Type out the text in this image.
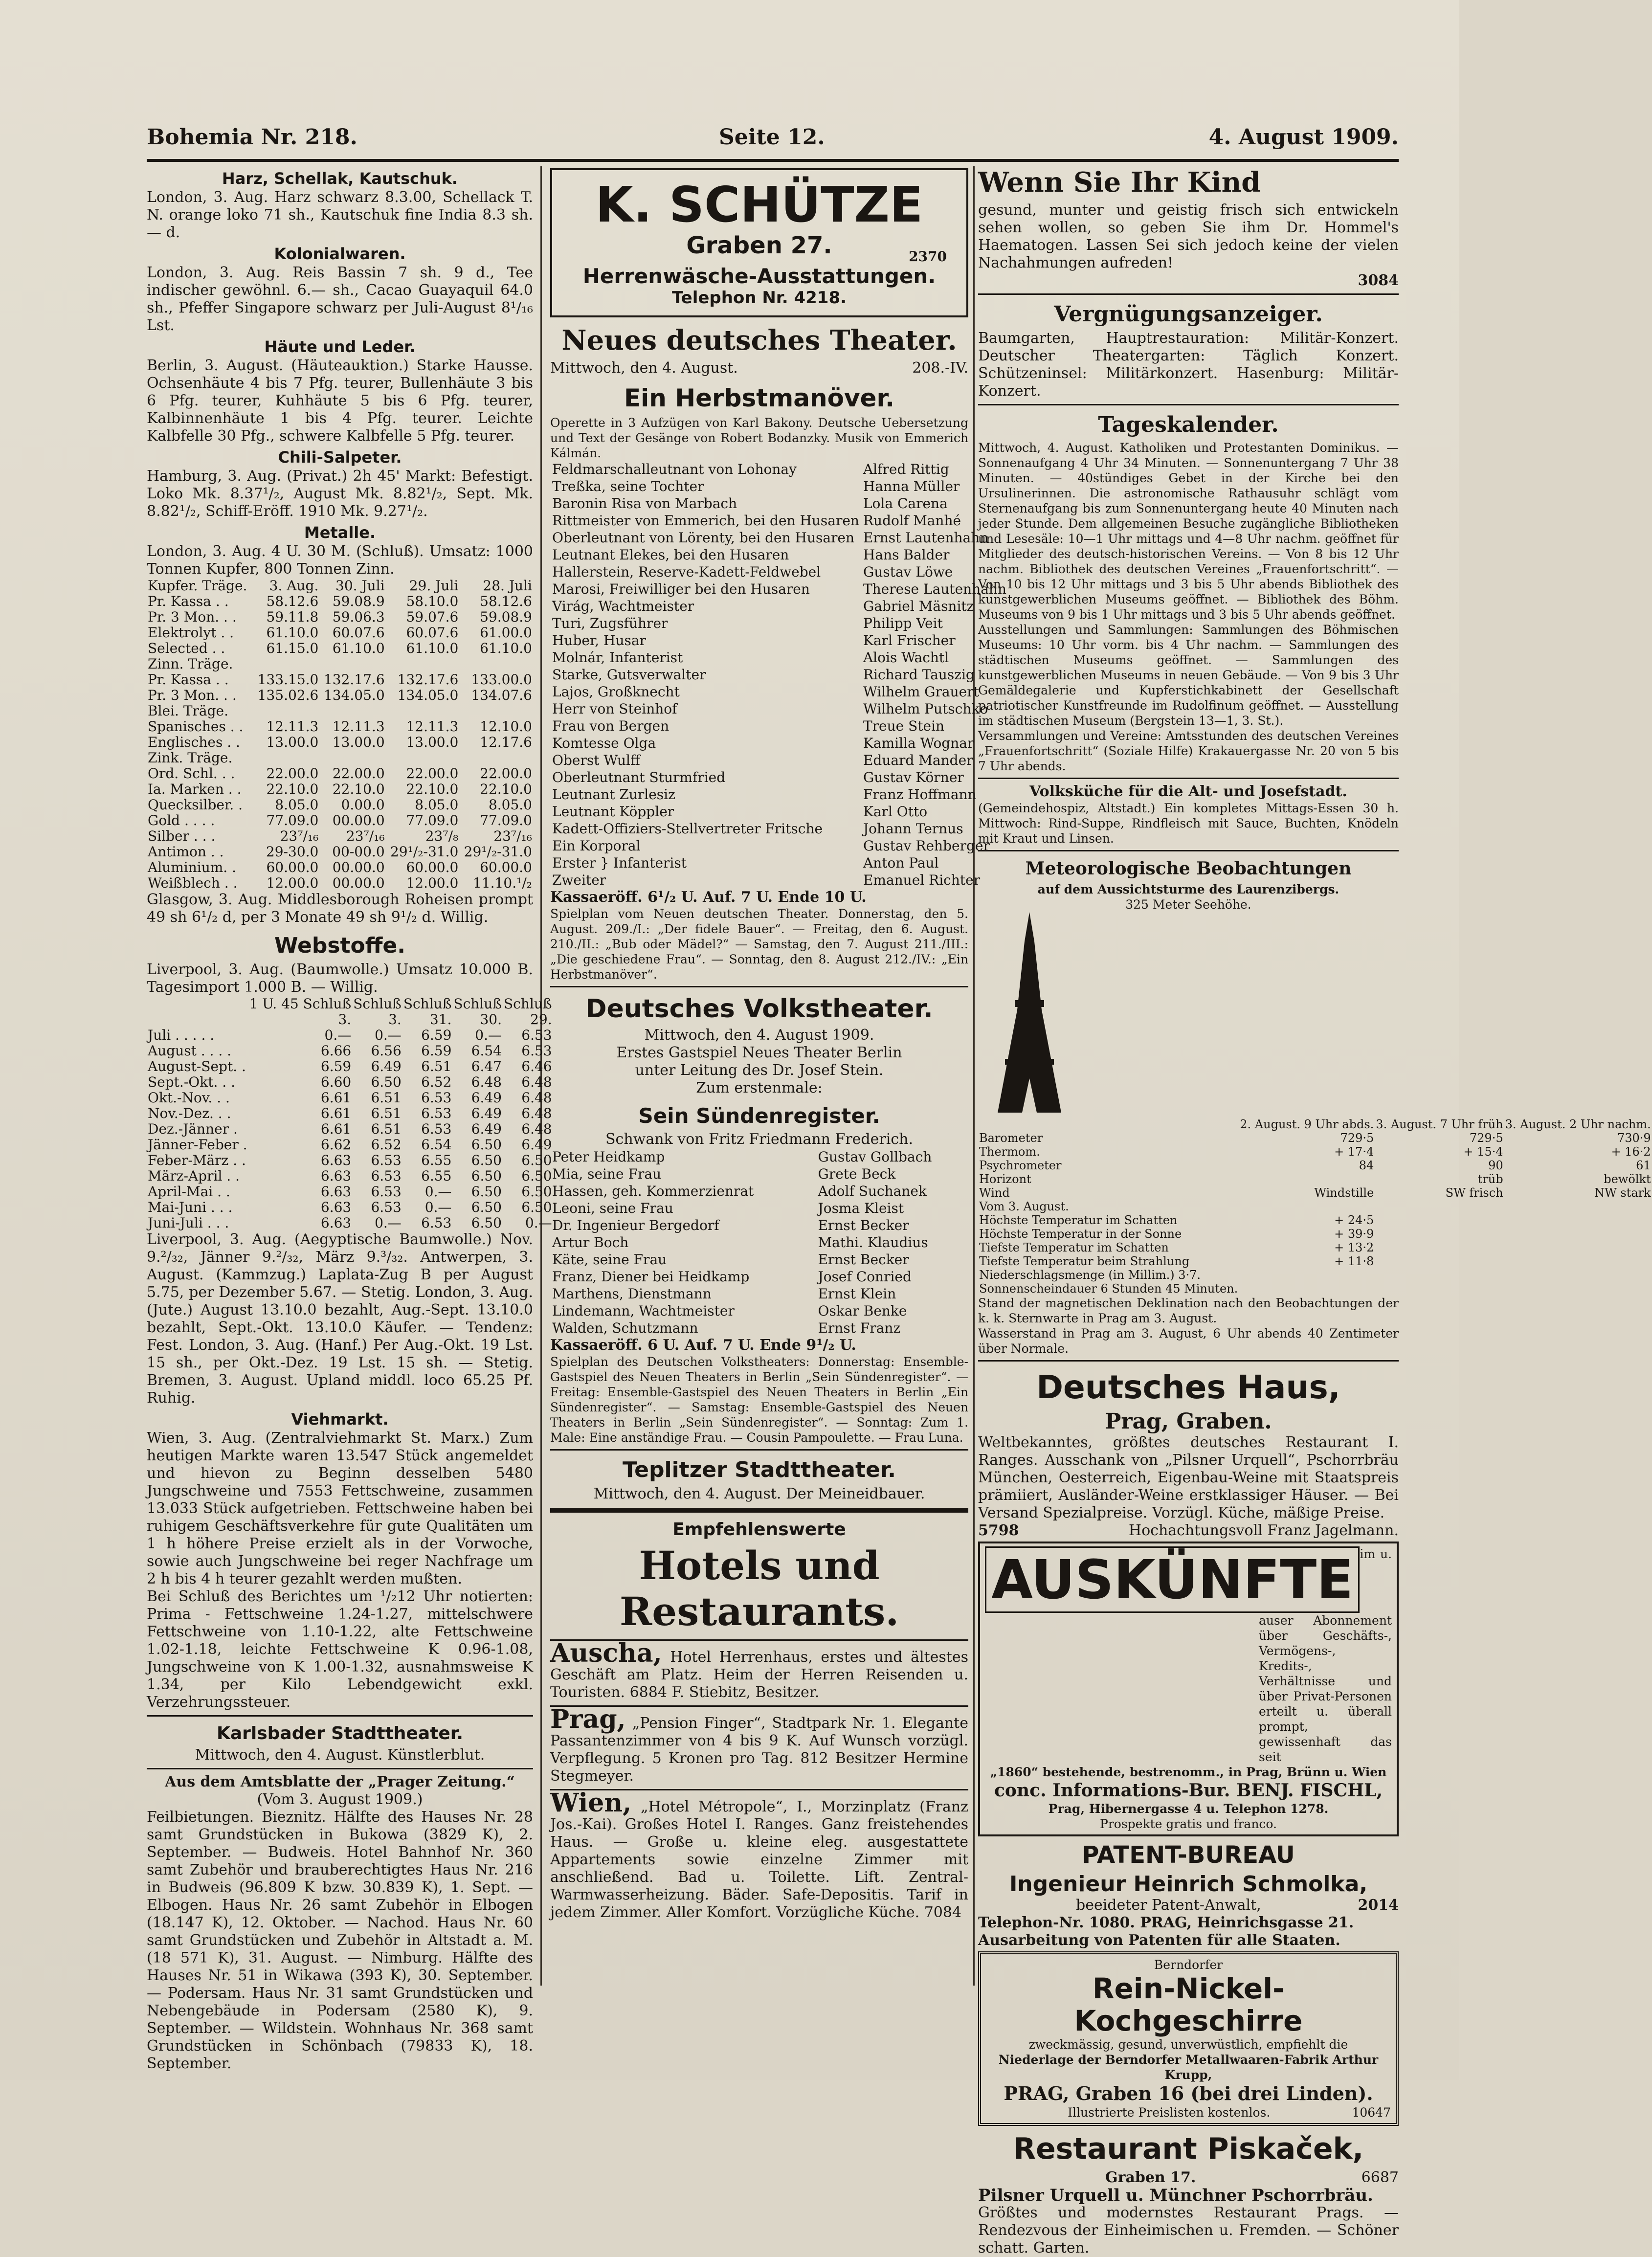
Bohemia Nr. 218.	Seite 12.	4. August 1909.
Harz, Schellak, Kautschuk.

London, 3. Aug. Harz schwarz 8.3.00, Schellack T. N. orange loko 71 sh., Kautschuk fine India 8.3 sh. — d.

Kolonialwaren.

London, 3. Aug. Reis Bassin 7 sh. 9 d., Tee indischer gewöhnl. 6.— sh., Cacao Guayaquil 64.0 sh., Pfeffer Singapore schwarz per Juli-August 8¹/₁₆ Lst.

Häute und Leder.

Berlin, 3. August. (Häuteauktion.) Starke Hausse. Ochsenhäute 4 bis 7 Pfg. teurer, Bullenhäute 3 bis 6 Pfg. teurer, Kuhhäute 5 bis 6 Pfg. teurer, Kalbinnenhäute 1 bis 4 Pfg. teurer. Leichte Kalbfelle 30 Pfg., schwere Kalbfelle 5 Pfg. teurer.

Chili-Salpeter.

Hamburg, 3. Aug. (Privat.) 2h 45' Markt: Befestigt. Loko Mk. 8.37¹/₂, August Mk. 8.82¹/₂, Sept. Mk. 8.82¹/₂, Schiff-Eröff. 1910 Mk. 9.27¹/₂.

Metalle.

London, 3. Aug. 4 U. 30 M. (Schluß). Umsatz: 1000 Tonnen Kupfer, 800 Tonnen Zinn.

Kupfer. Träge.	3. Aug.	30. Juli	29. Juli	28. Juli
Pr. Kassa . .	58.12.6	59.08.9	58.10.0	58.12.6
Pr. 3 Mon. . .	59.11.8	59.06.3	59.07.6	59.08.9
Elektrolyt . .	61.10.0	60.07.6	60.07.6	61.00.0
Selected . .	61.15.0	61.10.0	61.10.0	61.10.0
Zinn. Träge.				
Pr. Kassa . .	133.15.0	132.17.6	132.17.6	133.00.0
Pr. 3 Mon. . .	135.02.6	134.05.0	134.05.0	134.07.6
Blei. Träge.				
Spanisches . .	12.11.3	12.11.3	12.11.3	12.10.0
Englisches . .	13.00.0	13.00.0	13.00.0	12.17.6
Zink. Träge.				
Ord. Schl. . .	22.00.0	22.00.0	22.00.0	22.00.0
Ia. Marken . .	22.10.0	22.10.0	22.10.0	22.10.0
Quecksilber. .	8.05.0	0.00.0	8.05.0	8.05.0
Gold . . . .	77.09.0	00.00.0	77.09.0	77.09.0
Silber . . .	23⁷/₁₆	23⁷/₁₆	23⁷/₈	23⁷/₁₆
Antimon . .	29-30.0	00-00.0	29¹/₂-31.0	29¹/₂-31.0
Aluminium. .	60.00.0	00.00.0	60.00.0	60.00.0
Weißblech . .	12.00.0	00.00.0	12.00.0	11.10.¹/₂

Glasgow, 3. Aug. Middlesborough Roheisen prompt 49 sh 6¹/₂ d, per 3 Monate 49 sh 9¹/₂ d. Willig.

Webstoffe.

Liverpool, 3. Aug. (Baumwolle.) Umsatz 10.000 B. Tagesimport 1.000 B. — Willig.

	1 U. 45 Schluß	Schluß	Schluß	Schluß	Schluß
	3.	3.	31.	30.	29.
Juli . . . . .	0.—	0.—	6.59	0.—	6.53
August . . . .	6.66	6.56	6.59	6.54	6.53
August-Sept. .	6.59	6.49	6.51	6.47	6.46
Sept.-Okt. . .	6.60	6.50	6.52	6.48	6.48
Okt.-Nov. . .	6.61	6.51	6.53	6.49	6.48
Nov.-Dez. . .	6.61	6.51	6.53	6.49	6.48
Dez.-Jänner .	6.61	6.51	6.53	6.49	6.48
Jänner-Feber .	6.62	6.52	6.54	6.50	6.49
Feber-März . .	6.63	6.53	6.55	6.50	6.50
März-April . .	6.63	6.53	6.55	6.50	6.50
April-Mai . .	6.63	6.53	0.—	6.50	6.50
Mai-Juni . . .	6.63	6.53	0.—	6.50	6.50
Juni-Juli . . .	6.63	0.—	6.53	6.50	0.—

Liverpool, 3. Aug. (Aegyptische Baumwolle.) Nov. 9.²/₃₂, Jänner 9.²/₃₂, März 9.³/₃₂. Antwerpen, 3. August. (Kammzug.) Laplata-Zug B per August 5.75, per Dezember 5.67. — Stetig. London, 3. Aug. (Jute.) August 13.10.0 bezahlt, Aug.-Sept. 13.10.0 bezahlt, Sept.-Okt. 13.10.0 Käufer. — Tendenz: Fest. London, 3. Aug. (Hanf.) Per Aug.-Okt. 19 Lst. 15 sh., per Okt.-Dez. 19 Lst. 15 sh. — Stetig. Bremen, 3. August. Upland middl. loco 65.25 Pf. Ruhig.

Viehmarkt.

Wien, 3. Aug. (Zentralviehmarkt St. Marx.) Zum heutigen Markte waren 13.547 Stück angemeldet und hievon zu Beginn desselben 5480 Jungschweine und 7553 Fettschweine, zusammen 13.033 Stück aufgetrieben. Fettschweine haben bei ruhigem Geschäftsverkehre für gute Qualitäten um 1 h höhere Preise erzielt als in der Vorwoche, sowie auch Jungschweine bei reger Nachfrage um 2 h bis 4 h teurer gezahlt werden mußten.

Bei Schluß des Berichtes um ¹/₂12 Uhr notierten: Prima - Fettschweine 1.24-1.27, mittelschwere Fettschweine von 1.10-1.22, alte Fettschweine 1.02-1.18, leichte Fettschweine K 0.96-1.08, Jungschweine von K 1.00-1.32, ausnahmsweise K 1.34, per Kilo Lebendgewicht exkl. Verzehrungssteuer.

Karlsbader Stadttheater.

Mittwoch, den 4. August. Künstlerblut.

Aus dem Amtsblatte der „Prager Zeitung.“

(Vom 3. August 1909.)

Feilbietungen. Bieznitz. Hälfte des Hauses Nr. 28 samt Grundstücken in Bukowa (3829 K), 2. September. — Budweis. Hotel Bahnhof Nr. 360 samt Zubehör und brauberechtigtes Haus Nr. 216 in Budweis (96.809 K bzw. 30.839 K), 1. Sept. — Elbogen. Haus Nr. 26 samt Zubehör in Elbogen (18.147 K), 12. Oktober. — Nachod. Haus Nr. 60 samt Grundstücken und Zubehör in Altstadt a. M. (18 571 K), 31. August. — Nimburg. Hälfte des Hauses Nr. 51 in Wikawa (393 K), 30. September. — Podersam. Haus Nr. 31 samt Grundstücken und Nebengebäude in Podersam (2580 K), 9. September. — Wildstein. Wohnhaus Nr. 368 samt Grundstücken in Schönbach (79833 K), 18. September.

K. SCHÜTZE
Graben 27.	2370
Herrenwäsche-Ausstattungen.
Telephon Nr. 4218.
Neues deutsches Theater.

Mittwoch, den 4. August.	208.-IV.

Ein Herbstmanöver.

Operette in 3 Aufzügen von Karl Bakony. Deutsche Uebersetzung und Text der Gesänge von Robert Bodanzky. Musik von Emmerich Kálmán.

Feldmarschalleutnant von Lohonay	Alfred Rittig
Treßka, seine Tochter	Hanna Müller
Baronin Risa von Marbach	Lola Carena
Rittmeister von Emmerich, bei den Husaren	Rudolf Manhé
Oberleutnant von Lörenty, bei den Husaren	Ernst Lautenhahn
Leutnant Elekes, bei den Husaren	Hans Balder
Hallerstein, Reserve-Kadett-Feldwebel	Gustav Löwe
Marosi, Freiwilliger bei den Husaren	Therese Lautenhahn
Virág, Wachtmeister	Gabriel Mäsnitz
Turi, Zugsführer	Philipp Veit
Huber, Husar	Karl Frischer
Molnár, Infanterist	Alois Wachtl
Starke, Gutsverwalter	Richard Tauszig
Lajos, Großknecht	Wilhelm Grauert
Herr von Steinhof	Wilhelm Putschko
Frau von Bergen	Treue Stein
Komtesse Olga	Kamilla Wognar
Oberst Wulff	Eduard Mander
Oberleutnant Sturmfried	Gustav Körner
Leutnant Zurlesiz	Franz Hoffmann
Leutnant Köppler	Karl Otto
Kadett-Offiziers-Stellvertreter Fritsche	Johann Ternus
Ein Korporal	Gustav Rehberger
Erster } Infanterist	Anton Paul
Zweiter	Emanuel Richter

Kassaeröff. 6¹/₂ U. Auf. 7 U. Ende 10 U.

Spielplan vom Neuen deutschen Theater. Donnerstag, den 5. August. 209./I.: „Der fidele Bauer“. — Freitag, den 6. August. 210./II.: „Bub oder Mädel?“ — Samstag, den 7. August 211./III.: „Die geschiedene Frau“. — Sonntag, den 8. August 212./IV.: „Ein Herbstmanöver“.

Deutsches Volkstheater.

Mittwoch, den 4. August 1909.

Erstes Gastspiel Neues Theater Berlin

unter Leitung des Dr. Josef Stein.

Zum erstenmale:

Sein Sündenregister.

Schwank von Fritz Friedmann Frederich.

Peter Heidkamp	Gustav Gollbach
Mia, seine Frau	Grete Beck
Hassen, geh. Kommerzienrat	Adolf Suchanek
Leoni, seine Frau	Josma Kleist
Dr. Ingenieur Bergedorf	Ernst Becker
Artur Boch	Mathi. Klaudius
Käte, seine Frau	Ernst Becker
Franz, Diener bei Heidkamp	Josef Conried
Marthens, Dienstmann	Ernst Klein
Lindemann, Wachtmeister	Oskar Benke
Walden, Schutzmann	Ernst Franz

Kassaeröff. 6 U. Auf. 7 U. Ende 9¹/₂ U.

Spielplan des Deutschen Volkstheaters: Donnerstag: Ensemble-Gastspiel des Neuen Theaters in Berlin „Sein Sündenregister“. — Freitag: Ensemble-Gastspiel des Neuen Theaters in Berlin „Ein Sündenregister“. — Samstag: Ensemble-Gastspiel des Neuen Theaters in Berlin „Sein Sündenregister“. — Sonntag: Zum 1. Male: Eine anständige Frau. — Cousin Pampoulette. — Frau Luna.

Teplitzer Stadttheater.

Mittwoch, den 4. August. Der Meineidbauer.

Empfehlenswerte
Hotels und Restaurants.

Auscha, Hotel Herrenhaus, erstes und ältestes Geschäft am Platz. Heim der Herren Reisenden u. Touristen. 6884 F. Stiebitz, Besitzer.

Prag, „Pension Finger“, Stadtpark Nr. 1. Elegante Passantenzimmer von 4 bis 9 K. Auf Wunsch vorzügl. Verpflegung. 5 Kronen pro Tag. 812 Besitzer Hermine Stegmeyer.

Wien, „Hotel Métropole“, I., Morzinplatz (Franz Jos.-Kai). Großes Hotel I. Ranges. Ganz freistehendes Haus. — Große u. kleine eleg. ausgestattete Appartements sowie einzelne Zimmer mit anschließend. Bad u. Toilette. Lift. Zentral-Warmwasserheizung. Bäder. Safe-Depositis. Tarif in jedem Zimmer. Aller Komfort. Vorzügliche Küche. 7084

Wenn Sie Ihr Kind

gesund, munter und geistig frisch sich entwickeln sehen wollen, so geben Sie ihm Dr. Hommel's Haematogen. Lassen Sei sich jedoch keine der vielen Nachahmungen aufreden!

3084

Vergnügungsanzeiger.

Baumgarten, Hauptrestauration: Militär-Konzert. Deutscher Theatergarten: Täglich Konzert. Schützeninsel: Militärkonzert. Hasenburg: Militär-Konzert.

Tageskalender.

Mittwoch, 4. August. Katholiken und Protestanten Dominikus. — Sonnenaufgang 4 Uhr 34 Minuten. — Sonnenuntergang 7 Uhr 38 Minuten. — 40stündiges Gebet in der Kirche bei den Ursulinerinnen. Die astronomische Rathausuhr schlägt vom Sternenaufgang bis zum Sonnenuntergang heute 40 Minuten nach jeder Stunde. Dem allgemeinen Besuche zugängliche Bibliotheken und Lesesäle: 10—1 Uhr mittags und 4—8 Uhr nachm. geöffnet für Mitglieder des deutsch-historischen Vereins. — Von 8 bis 12 Uhr nachm. Bibliothek des deutschen Vereines „Frauenfortschritt“. — Von 10 bis 12 Uhr mittags und 3 bis 5 Uhr abends Bibliothek des kunstgewerblichen Museums geöffnet. — Bibliothek des Böhm. Museums von 9 bis 1 Uhr mittags und 3 bis 5 Uhr abends geöffnet.

Ausstellungen und Sammlungen: Sammlungen des Böhmischen Museums: 10 Uhr vorm. bis 4 Uhr nachm. — Sammlungen des städtischen Museums geöffnet. — Sammlungen des kunstgewerblichen Museums in neuen Gebäude. — Von 9 bis 3 Uhr Gemäldegalerie und Kupferstichkabinett der Gesellschaft patriotischer Kunstfreunde im Rudolfinum geöffnet. — Ausstellung im städtischen Museum (Bergstein 13—1, 3. St.).

Versammlungen und Vereine: Amtsstunden des deutschen Vereines „Frauenfortschritt“ (Soziale Hilfe) Krakauergasse Nr. 20 von 5 bis 7 Uhr abends.

Volksküche für die Alt- und Josefstadt.

(Gemeindehospiz, Altstadt.) Ein kompletes Mittags-Essen 30 h. Mittwoch: Rind-Suppe, Rindfleisch mit Sauce, Buchten, Knödeln mit Kraut und Linsen.

Meteorologische Beobachtungen

auf dem Aussichtsturme des Laurenzibergs.

325 Meter Seehöhe.

	2. August. 9 Uhr abds.	3. August. 7 Uhr früh	3. August. 2 Uhr nachm.
Barometer	729·5	729·5	730·9
Thermom.	+ 17·4	+ 15·4	+ 16·2
Psychrometer	84	90	61
Horizont		trüb	bewölkt
Wind	Windstille	SW frisch	NW stark
Vom 3. August.			
Höchste Temperatur im Schatten	+ 24·5		
Höchste Temperatur in der Sonne	+ 39·9		
Tiefste Temperatur im Schatten	+ 13·2		
Tiefste Temperatur beim Strahlung	+ 11·8		
Niederschlagsmenge (in Millim.) 3·7.			
Sonnenscheindauer 6 Stunden 45 Minuten.			

Stand der magnetischen Deklination nach den Beobachtungen der k. k. Sternwarte in Prag am 3. August.

Wasserstand in Prag am 3. August, 6 Uhr abends 40 Zentimeter über Normale.

Deutsches Haus,
Prag, Graben.

Weltbekanntes, größtes deutsches Restaurant I. Ranges. Ausschank von „Pilsner Urquell“, Pschorrbräu München, Oesterreich, Eigenbau-Weine mit Staatspreis prämiiert, Ausländer-Weine erstklassiger Häuser. — Bei Versand Spezialpreise. Vorzügl. Küche, mäßige Preise.

5798	Hochachtungsvoll Franz Jagelmann.

AUSKÜNFTE im u. auser Abonnement über Geschäfts-, Vermögens-, Kredits-, Verhältnisse und über Privat-Personen erteilt u. überall prompt, gewissenhaft das seit

„1860“ bestehende, bestrenomm., in Prag, Brünn u. Wien

conc. Informations-Bur. BENJ. FISCHL,

Prag, Hibernergasse 4 u. Telephon 1278.

Prospekte gratis und franco.

PATENT-BUREAU
Ingenieur Heinrich Schmolka,

beeideter Patent-Anwalt,	2014

Telephon-Nr. 1080. PRAG, Heinrichsgasse 21.

Ausarbeitung von Patenten für alle Staaten.

Berndorfer

Rein-Nickel-Kochgeschirre

zweckmässig, gesund, unverwüstlich, empfiehlt die

Niederlage der Berndorfer Metallwaaren-Fabrik Arthur Krupp,

PRAG, Graben 16 (bei drei Linden).

Illustrierte Preislisten kostenlos.	10647

Restaurant Piskaček,

Graben 17.	6687

Pilsner Urquell u. Münchner Pschorrbräu.

Größtes und modernstes Restaurant Prags. — Rendezvous der Einheimischen u. Fremden. — Schöner schatt. Garten.
